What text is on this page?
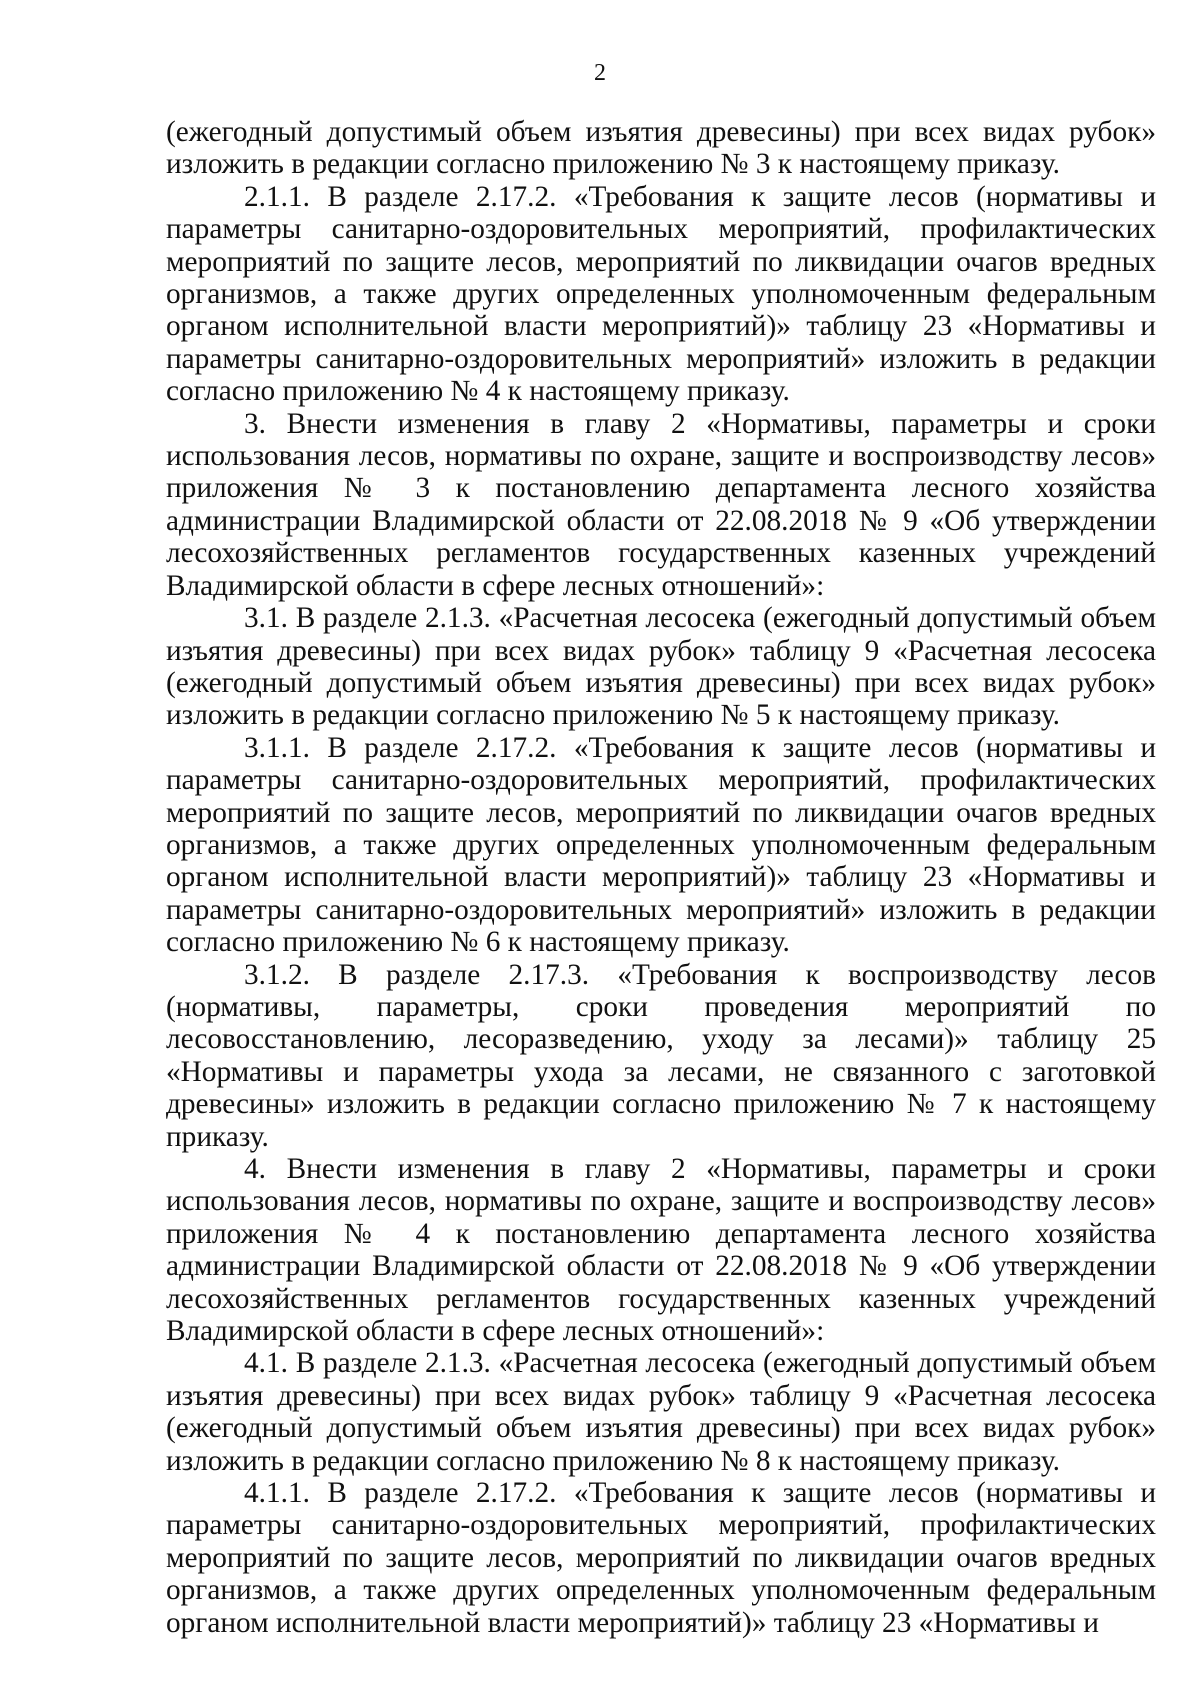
2

(ежегодный допустимый объем изъятия древесины) при всех видах рубок» изложить в редакции согласно приложению № 3 к настоящему приказу.

2.1.1. В разделе 2.17.2. «Требования к защите лесов (нормативы и параметры санитарно-оздоровительных мероприятий, профилактических мероприятий по защите лесов, мероприятий по ликвидации очагов вредных организмов, а также других определенных уполномоченным федеральным органом исполнительной власти мероприятий)» таблицу 23 «Нормативы и параметры санитарно-оздоровительных мероприятий» изложить в редакции согласно приложению № 4 к настоящему приказу.

3. Внести изменения в главу 2 «Нормативы, параметры и сроки использования лесов, нормативы по охране, защите и воспроизводству лесов» приложения № 3 к постановлению департамента лесного хозяйства администрации Владимирской области от 22.08.2018 № 9 «Об утверждении лесохозяйственных регламентов государственных казенных учреждений Владимирской области в сфере лесных отношений»:

3.1. В разделе 2.1.3. «Расчетная лесосека (ежегодный допустимый объем изъятия древесины) при всех видах рубок» таблицу 9 «Расчетная лесосека (ежегодный допустимый объем изъятия древесины) при всех видах рубок» изложить в редакции согласно приложению № 5 к настоящему приказу.

3.1.1. В разделе 2.17.2. «Требования к защите лесов (нормативы и параметры санитарно-оздоровительных мероприятий, профилактических мероприятий по защите лесов, мероприятий по ликвидации очагов вредных организмов, а также других определенных уполномоченным федеральным органом исполнительной власти мероприятий)» таблицу 23 «Нормативы и параметры санитарно-оздоровительных мероприятий» изложить в редакции согласно приложению № 6 к настоящему приказу.

3.1.2. В разделе 2.17.3. «Требования к воспроизводству лесов (нормативы, параметры, сроки проведения мероприятий по лесовосстановлению, лесоразведению, уходу за лесами)» таблицу 25 «Нормативы и параметры ухода за лесами, не связанного с заготовкой древесины» изложить в редакции согласно приложению № 7 к настоящему приказу.

4. Внести изменения в главу 2 «Нормативы, параметры и сроки использования лесов, нормативы по охране, защите и воспроизводству лесов» приложения № 4 к постановлению департамента лесного хозяйства администрации Владимирской области от 22.08.2018 № 9 «Об утверждении лесохозяйственных регламентов государственных казенных учреждений Владимирской области в сфере лесных отношений»:

4.1. В разделе 2.1.3. «Расчетная лесосека (ежегодный допустимый объем изъятия древесины) при всех видах рубок» таблицу 9 «Расчетная лесосека (ежегодный допустимый объем изъятия древесины) при всех видах рубок» изложить в редакции согласно приложению № 8 к настоящему приказу.

4.1.1. В разделе 2.17.2. «Требования к защите лесов (нормативы и параметры санитарно-оздоровительных мероприятий, профилактических мероприятий по защите лесов, мероприятий по ликвидации очагов вредных организмов, а также других определенных уполномоченным федеральным органом исполнительной власти мероприятий)» таблицу 23 «Нормативы и
